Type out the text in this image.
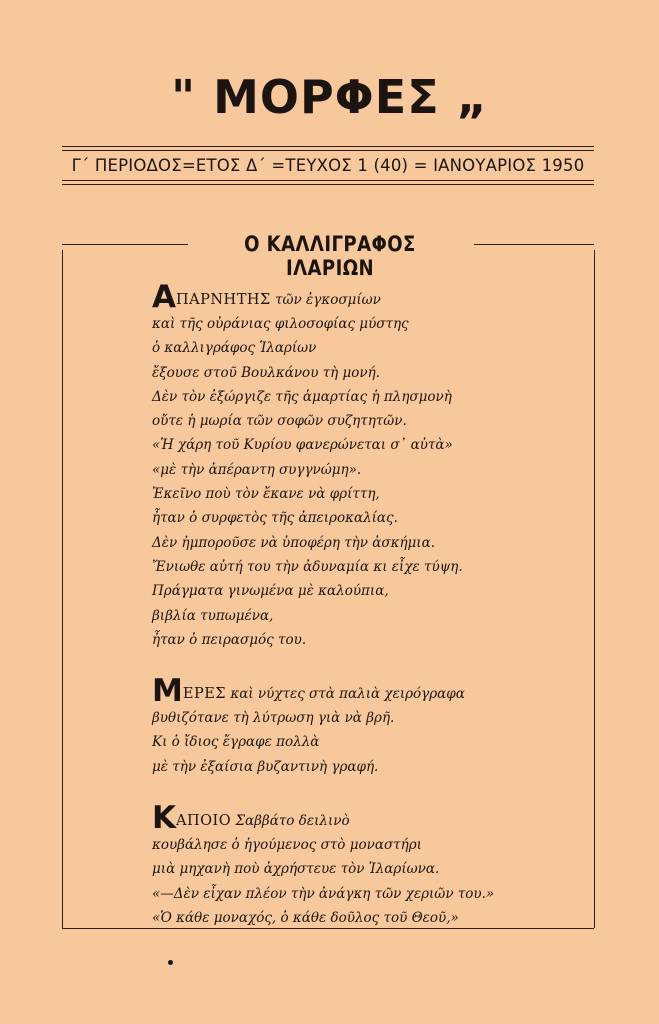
" ΜΟΡΦΕΣ „
Γ΄ ΠΕΡΙΟΔΟΣ=ΕΤΟΣ Δ΄ =ΤΕΥΧΟΣ 1 (40) = ΙΑΝΟΥΑΡΙΟΣ 1950
Ο ΚΑΛΛΙΓΡΑΦΟΣ ΙΛΑΡΙΩΝ
ΑΠΑΡΝΗΤΗΣ τῶν ἐγκοσμίων
καὶ τῆς οὐράνιας φιλοσοφίας μύστης
ὁ καλλιγράφος Ἱλαρίων
ἔξουσε στοῦ Βουλκάνου τὴ μονή.
Δὲν τὸν ἐξώργιζε τῆς ἁμαρτίας ἡ πλησμονὴ
οὔτε ἡ μωρία τῶν σοφῶν συζητητῶν.
«Ἡ χάρη τοῦ Κυρίου φανερώνεται σ᾿ αὐτὰ»
«μὲ τὴν ἀπέραντη συγγνώμη».
Ἐκεῖνο ποὺ τὸν ἔκανε νὰ φρίττη,
ἦταν ὁ συρφετὸς τῆς ἀπειροκαλίας.
Δὲν ἠμποροῦσε νὰ ὑποφέρη τὴν ἀσκήμια.
Ἔνιωθε αὐτή του τὴν ἀδυναμία κι εἶχε τύψη.
Πράγματα γινωμένα μὲ καλούπια,
βιβλία τυπωμένα,
ἦταν ὁ πειρασμός του.
ΜΕΡΕΣ καὶ νύχτες στὰ παλιὰ χειρόγραφα
βυθιζότανε τὴ λύτρωση γιὰ νὰ βρῆ.
Κι ὁ ἴδιος ἔγραφε πολλὰ
μὲ τὴν ἐξαίσια βυζαντινὴ γραφή.
ΚΑΠΟΙΟ Σαββάτο δειλινὸ
κουβάλησε ὁ ἡγούμενος στὸ μοναστήρι
μιὰ μηχανὴ ποὺ ἀχρήστευε τὸν Ἱλαρίωνα.
«—Δὲν εἶχαν πλέον τὴν ἀνάγκη τῶν χεριῶν του.»
«Ὁ κάθε μοναχός, ὁ κάθε δοῦλος τοῦ Θεοῦ,»
